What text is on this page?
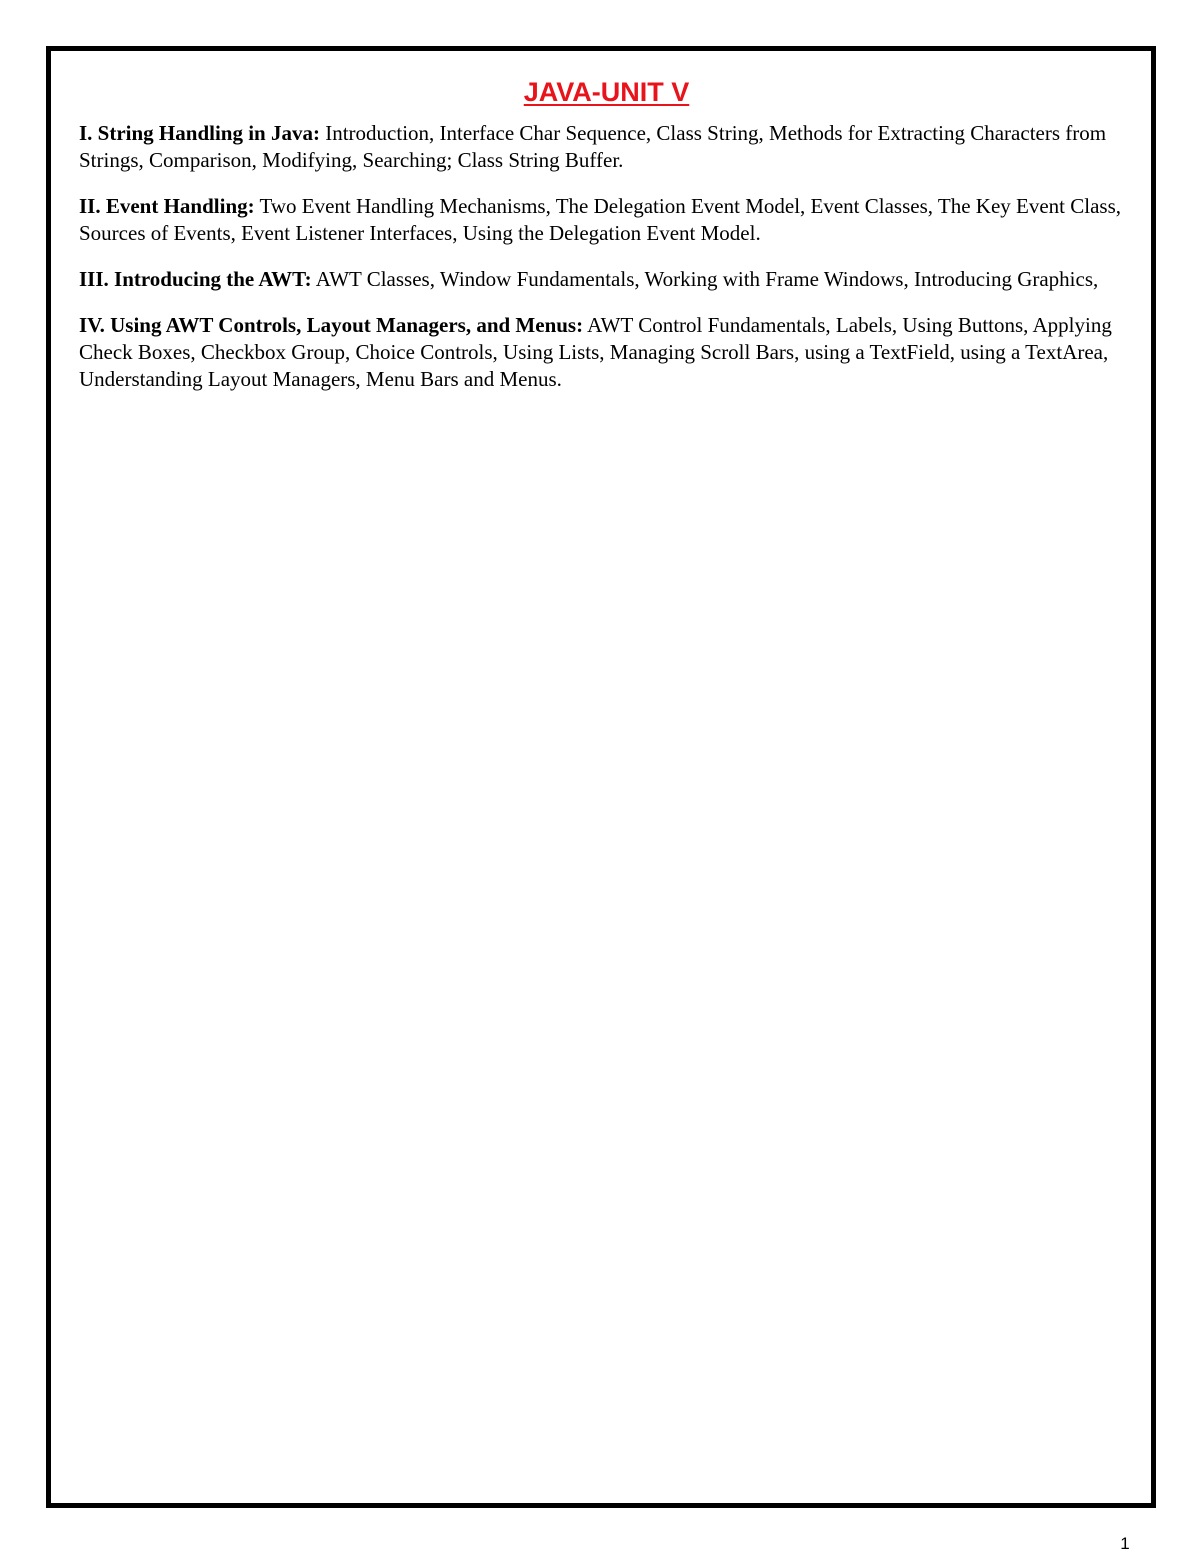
JAVA-UNIT V

I. String Handling in Java: Introduction, Interface Char Sequence, Class String, Methods for Extracting Characters from Strings, Comparison, Modifying, Searching; Class String Buffer.

II. Event Handling: Two Event Handling Mechanisms, The Delegation Event Model, Event Classes, The Key Event Class, Sources of Events, Event Listener Interfaces, Using the Delegation Event Model.

III. Introducing the AWT: AWT Classes, Window Fundamentals, Working with Frame Windows, Introducing Graphics,

IV. Using AWT Controls, Layout Managers, and Menus: AWT Control Fundamentals, Labels, Using Buttons, Applying Check Boxes, Checkbox Group, Choice Controls, Using Lists, Managing Scroll Bars, using a TextField, using a TextArea, Understanding Layout Managers, Menu Bars and Menus.

1
